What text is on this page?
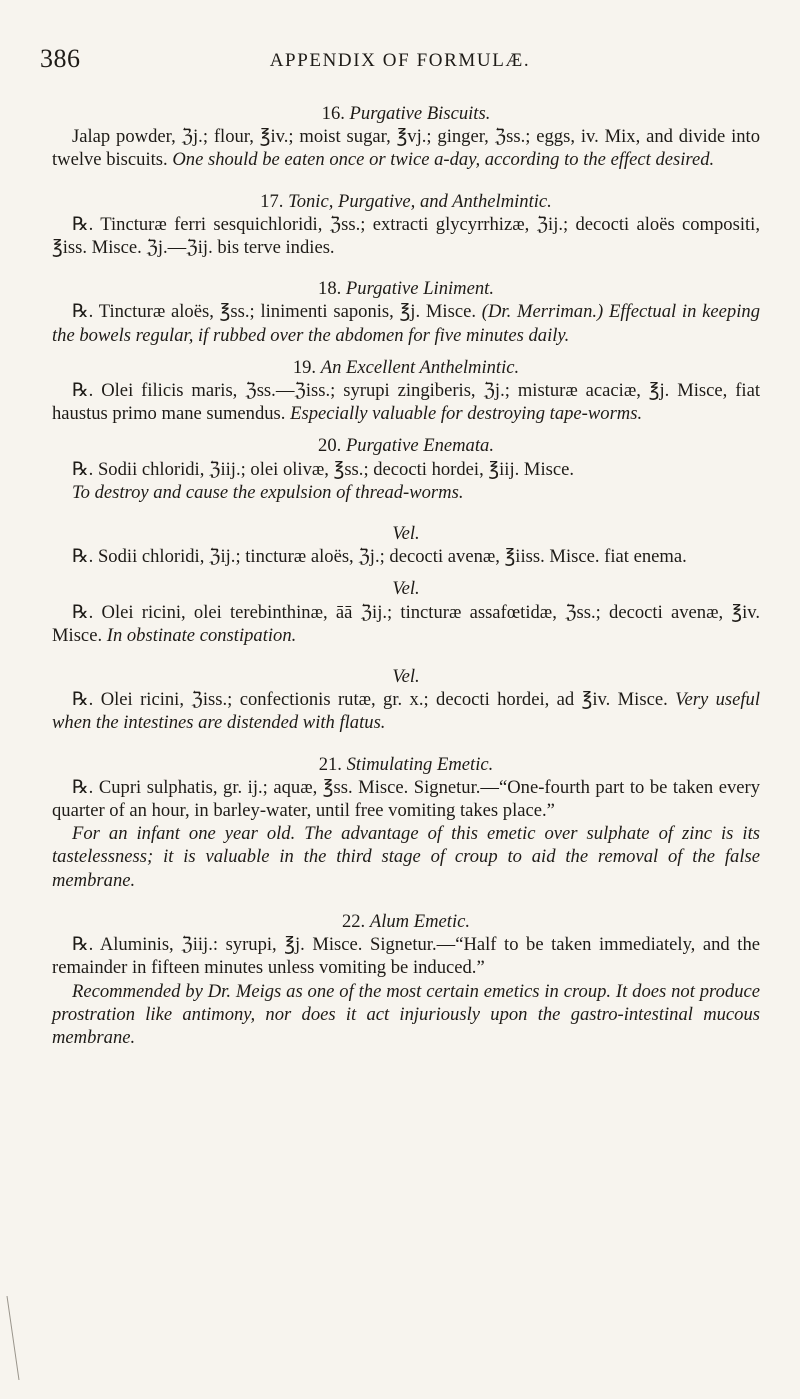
386	APPENDIX OF FORMULÆ.

16. Purgative Biscuits.

Jalap powder, ℨj.; flour, ℥iv.; moist sugar, ℥vj.; ginger, ℨss.; eggs, iv. Mix, and divide into twelve biscuits. One should be eaten once or twice a-day, according to the effect desired.

17. Tonic, Purgative, and Anthelmintic.

℞. Tincturæ ferri sesquichloridi, ℨss.; extracti glycyrrhizæ, ℨij.; decocti aloës compositi, ℥iss. Misce. ℨj.—ℨij. bis terve indies.

18. Purgative Liniment.

℞. Tincturæ aloës, ℥ss.; linimenti saponis, ℥j. Misce. (Dr. Merriman.) Effectual in keeping the bowels regular, if rubbed over the abdomen for five minutes daily.

19. An Excellent Anthelmintic.

℞. Olei filicis maris, ℨss.—ℨiss.; syrupi zingiberis, ℨj.; misturæ acaciæ, ℥j. Misce, fiat haustus primo mane sumendus. Especially valuable for destroying tape-worms.

20. Purgative Enemata.

℞. Sodii chloridi, ℨiij.; olei olivæ, ℥ss.; decocti hordei, ℥iij. Misce.

To destroy and cause the expulsion of thread-worms.

Vel.

℞. Sodii chloridi, ℨij.; tincturæ aloës, ℨj.; decocti avenæ, ℥iiss. Misce. fiat enema.

Vel.

℞. Olei ricini, olei terebinthinæ, āā ℨij.; tincturæ assafœtidæ, ℨss.; decocti avenæ, ℥iv. Misce. In obstinate constipation.

Vel.

℞. Olei ricini, ℨiss.; confectionis rutæ, gr. x.; decocti hordei, ad ℥iv. Misce. Very useful when the intestines are distended with flatus.

21. Stimulating Emetic.

℞. Cupri sulphatis, gr. ij.; aquæ, ℥ss. Misce. Signetur.—“One-fourth part to be taken every quarter of an hour, in barley-water, until free vomiting takes place.”

For an infant one year old. The advantage of this emetic over sulphate of zinc is its tastelessness; it is valuable in the third stage of croup to aid the removal of the false membrane.

22. Alum Emetic.

℞. Aluminis, ℨiij.: syrupi, ℥j. Misce. Signetur.—“Half to be taken immediately, and the remainder in fifteen minutes unless vomiting be induced.”

Recommended by Dr. Meigs as one of the most certain emetics in croup. It does not produce prostration like antimony, nor does it act injuriously upon the gastro-intestinal mucous membrane.
